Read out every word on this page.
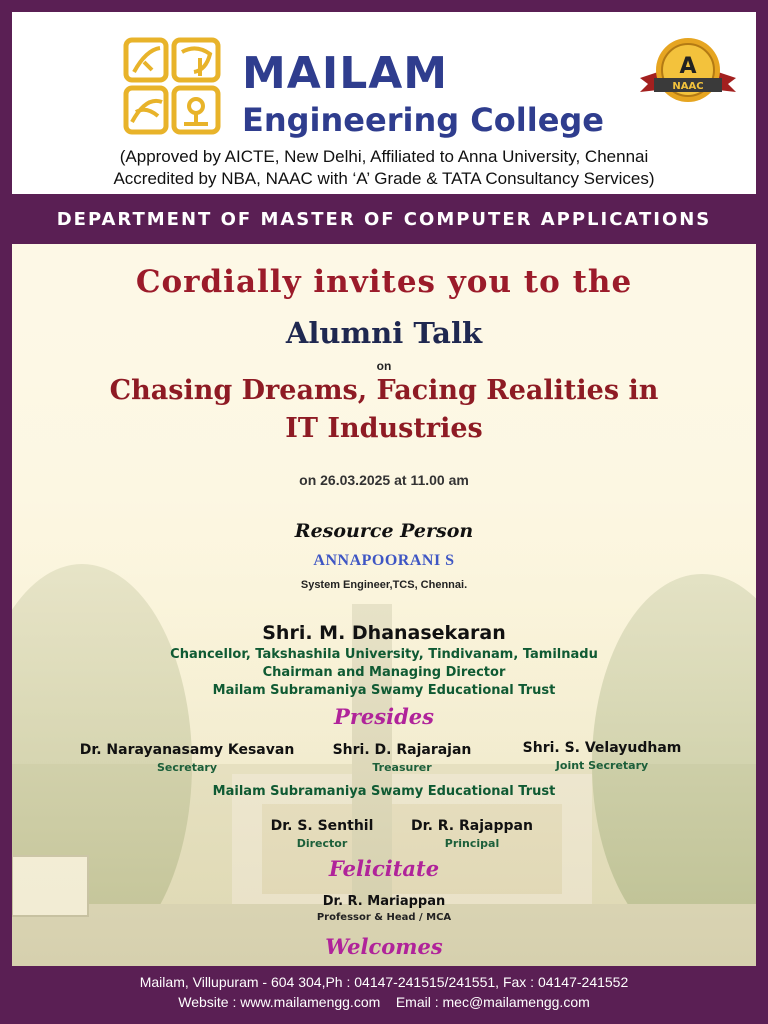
MAILAM
Engineering College
A
NAAC
(Approved by AICTE, New Delhi, Affiliated to Anna University, Chennai
Accredited by NBA, NAAC with ‘A’ Grade & TATA Consultancy Services)
DEPARTMENT OF MASTER OF COMPUTER APPLICATIONS
Cordially invites you to the
Alumni Talk
on
Chasing Dreams, Facing Realities in
IT Industries
on 26.03.2025 at 11.00 am
Resource Person
ANNAPOORANI S
System Engineer,TCS, Chennai.
Shri. M. Dhanasekaran
Chancellor, Takshashila University, Tindivanam, Tamilnadu
Chairman and Managing Director
Mailam Subramaniya Swamy Educational Trust
Presides
Dr. Narayanasamy Kesavan
Secretary
Shri. D. Rajarajan
Treasurer
Shri. S. Velayudham
Joint Secretary
Mailam Subramaniya Swamy Educational Trust
Dr. S. Senthil
Director
Dr. R. Rajappan
Principal
Felicitate
Dr. R. Mariappan
Professor & Head / MCA
Welcomes
Mailam, Villupuram - 604 304,Ph : 04147-241515/241551, Fax : 04147-241552
Website : www.mailamengg.com    Email : mec@mailamengg.com
